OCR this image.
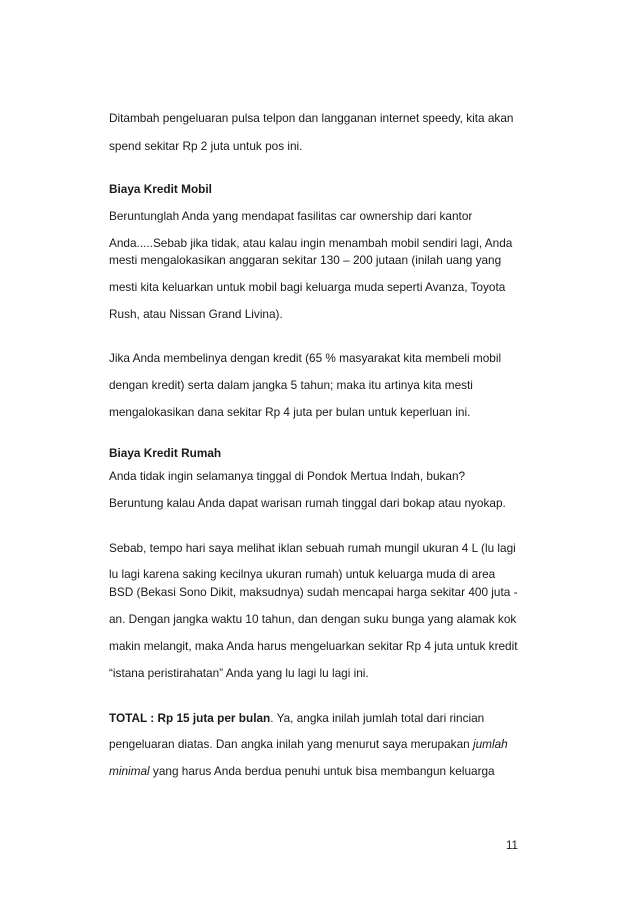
Ditambah pengeluaran pulsa telpon dan langganan internet speedy, kita akan
spend sekitar Rp 2 juta untuk pos ini.
Biaya Kredit Mobil
Beruntunglah Anda yang mendapat fasilitas car ownership dari kantor
Anda.....Sebab jika tidak, atau kalau ingin menambah mobil sendiri lagi, Anda
mesti mengalokasikan anggaran sekitar 130 – 200 jutaan (inilah uang yang
mesti kita keluarkan untuk mobil bagi keluarga muda seperti Avanza, Toyota
Rush, atau Nissan Grand Livina).
Jika Anda membelinya dengan kredit (65 % masyarakat kita membeli mobil
dengan kredit) serta dalam jangka 5 tahun; maka itu artinya kita mesti
mengalokasikan dana sekitar Rp 4 juta per bulan untuk keperluan ini.
Biaya Kredit Rumah
Anda tidak ingin selamanya tinggal di Pondok Mertua Indah, bukan?
Beruntung kalau Anda dapat warisan rumah tinggal dari bokap atau nyokap.
Sebab, tempo hari saya melihat iklan sebuah rumah mungil ukuran 4 L (lu lagi
lu lagi karena saking kecilnya ukuran rumah) untuk keluarga muda di area
BSD (Bekasi Sono Dikit, maksudnya) sudah mencapai harga sekitar 400 juta -
an. Dengan jangka waktu 10 tahun, dan dengan suku bunga yang alamak kok
makin melangit, maka Anda harus mengeluarkan sekitar Rp 4 juta untuk kredit
“istana peristirahatan” Anda yang lu lagi lu lagi ini.
TOTAL : Rp 15 juta per bulan. Ya, angka inilah jumlah total dari rincian
pengeluaran diatas. Dan angka inilah yang menurut saya merupakan jumlah
minimal yang harus Anda berdua penuhi untuk bisa membangun keluarga
11
